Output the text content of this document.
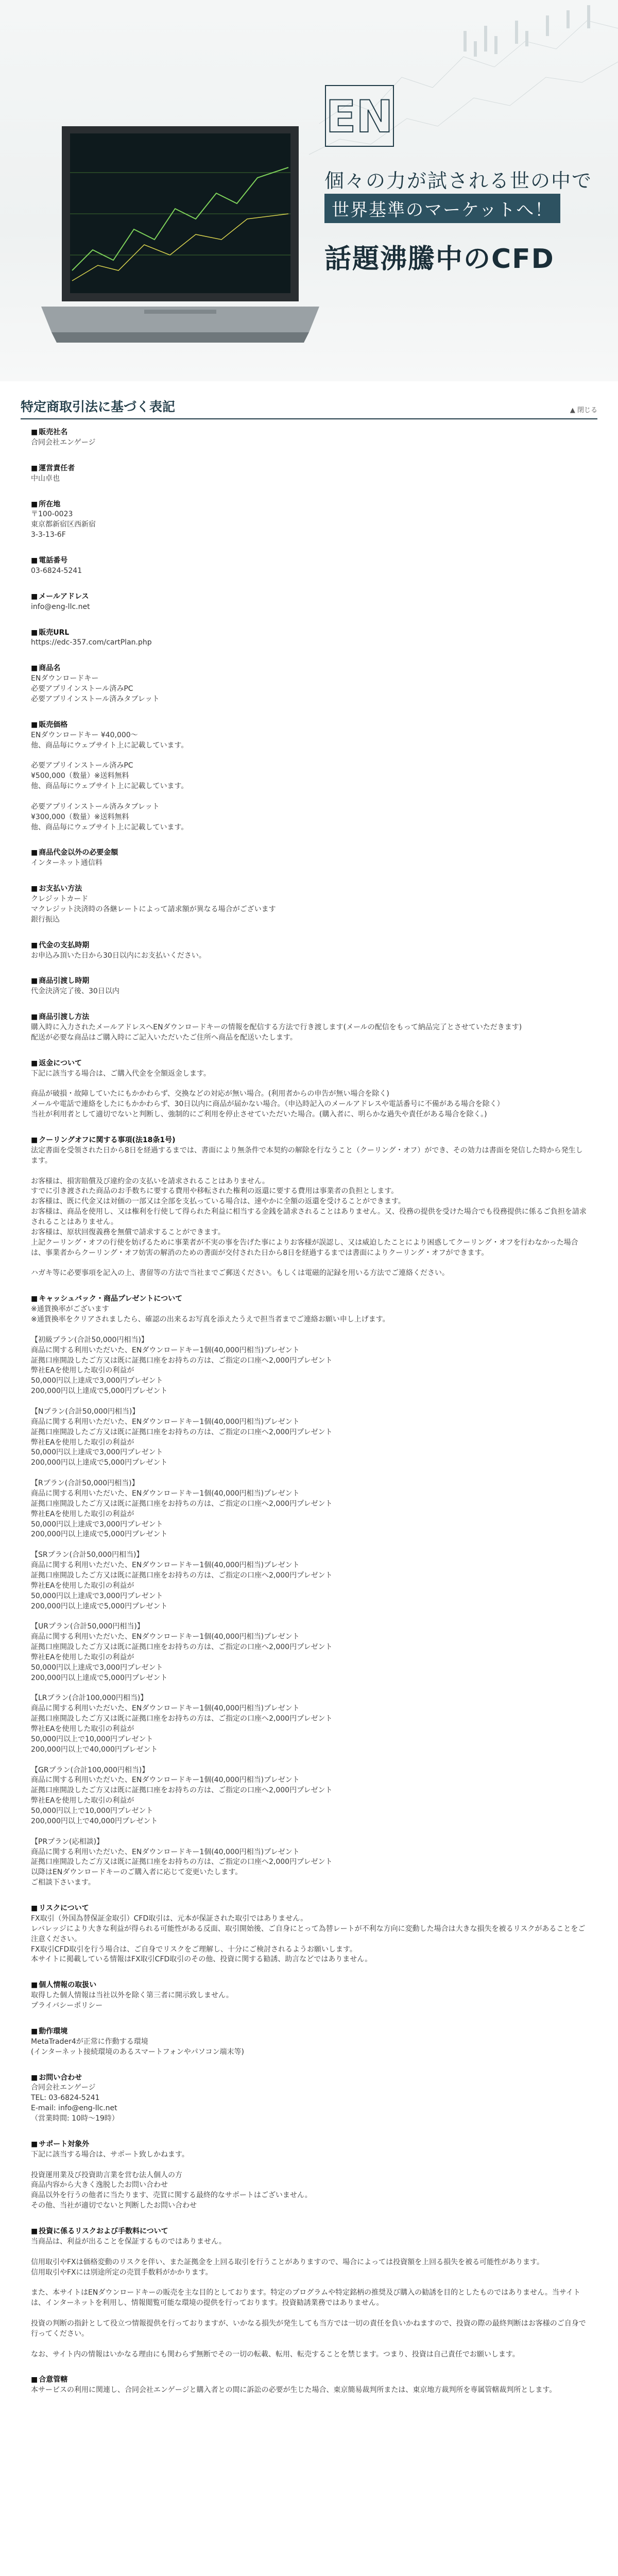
EN
個々の力が試される世の中で
世界基準のマーケットへ！
話題沸騰中のCFD
特定商取引法に基づく表記	▲ 閉じる

■ 販売社名

合同会社エンゲージ

■ 運営責任者

中山卓也

■ 所在地

〒100-0023
東京都新宿区西新宿
3-3-13-6F

■ 電話番号

03-6824-5241

■ メールアドレス

info@eng-llc.net

■ 販売URL

https://edc-357.com/cartPlan.php

■ 商品名

ENダウンロードキー
必要アプリインストール済みPC
必要アプリインストール済みタブレット

■ 販売価格

ENダウンロードキー ¥40,000〜
他、商品毎にウェブサイト上に記載しています。

必要アプリインストール済みPC
¥500,000（数量）※送料無料
他、商品毎にウェブサイト上に記載しています。

必要アプリインストール済みタブレット
¥300,000（数量）※送料無料
他、商品毎にウェブサイト上に記載しています。

■ 商品代金以外の必要金額

インターネット通信料

■ お支払い方法

クレジットカード
マクレジット決済時の各継レートによって請求額が異なる場合がございます
銀行振込

■ 代金の支払時期

お申込み頂いた日から30日以内にお支払いください。

■ 商品引渡し時期

代金決済完了後、30日以内

■ 商品引渡し方法

購入時に入力されたメールアドレスへENダウンロードキーの情報を配信する方法で行き渡します(メールの配信をもって納品完了とさせていただきます)
配送が必要な商品はご購入時にご記入いただいたご住所へ商品を配送いたします。

■ 返金について

下記に該当する場合は、ご購入代金を全額返金します。

商品が破損・故障していたにもかかわらず、交換などの対応が無い場合。(利用者からの申告が無い場合を除く)
メールや電話で連絡をしたにもかかわらず、30日以内に商品が届かない場合。（申込時記入のメールアドレスや電話番号に不備がある場合を除く）
当社が利用者として適切でないと判断し、強制的にご利用を停止させていただいた場合。(購入者に、明らかな過失や責任がある場合を除く。)

■ クーリングオフに関する事項(法18条1号)

法定書面を受領された日から8日を経過するまでは、書面により無条件で本契約の解除を行なうこと（クーリング・オフ）ができ、その効力は書面を発信した時から発生します。

お客様は、損害賠償及び違約金の支払いを請求されることはありません。
すでに引き渡された商品のお手数ちに要する費用や移転された権利の返還に要する費用は事業者の負担とします。
お客様は、既に代金又は対価の一部又は全部を支払っている場合は、速やかに全額の返還を受けることができます。
お客様は、商品を使用し、又は権利を行使して得られた利益に相当する金銭を請求されることはありません。又、役務の提供を受けた場合でも役務提供に係るご負担を請求されることはありません。
お客様は、原状回復義務を無償で請求することができます。
上記クーリング・オフの行使を妨げるために事業者が不実の事を告げた事によりお客様が誤認し、又は威迫したことにより困惑してクーリング・オフを行わなかった場合は、事業者からクーリング・オフ妨害の解消のための書面が交付された日から8日を経過するまでは書面によりクーリング・オフができます。

ハガキ等に必要事項を記入の上、書留等の方法で当社までご郵送ください。もしくは電磁的記録を用いる方法でご連絡ください。

■ キャッシュバック・商品プレゼントについて

※通貨換率がございます
※通貨換率をクリアされましたら、確認の出来るお写真を添えたうえで担当者までご連絡お願い申し上げます。

【初級プラン(合計50,000円相当)】
商品に関する利用いただいた、ENダウンロードキー1個(40,000円相当)プレゼント
証拠口座開設したご方又は既に証拠口座をお持ちの方は、ご指定の口座へ2,000円プレゼント
弊社EAを使用した取引の利益が
50,000円以上達成で3,000円プレゼント
200,000円以上達成で5,000円プレゼント

【Nプラン(合計50,000円相当)】
商品に関する利用いただいた、ENダウンロードキー1個(40,000円相当)プレゼント
証拠口座開設したご方又は既に証拠口座をお持ちの方は、ご指定の口座へ2,000円プレゼント
弊社EAを使用した取引の利益が
50,000円以上達成で3,000円プレゼント
200,000円以上達成で5,000円プレゼント

【Rプラン(合計50,000円相当)】
商品に関する利用いただいた、ENダウンロードキー1個(40,000円相当)プレゼント
証拠口座開設したご方又は既に証拠口座をお持ちの方は、ご指定の口座へ2,000円プレゼント
弊社EAを使用した取引の利益が
50,000円以上達成で3,000円プレゼント
200,000円以上達成で5,000円プレゼント

【SRプラン(合計50,000円相当)】
商品に関する利用いただいた、ENダウンロードキー1個(40,000円相当)プレゼント
証拠口座開設したご方又は既に証拠口座をお持ちの方は、ご指定の口座へ2,000円プレゼント
弊社EAを使用した取引の利益が
50,000円以上達成で3,000円プレゼント
200,000円以上達成で5,000円プレゼント

【URプラン(合計50,000円相当)】
商品に関する利用いただいた、ENダウンロードキー1個(40,000円相当)プレゼント
証拠口座開設したご方又は既に証拠口座をお持ちの方は、ご指定の口座へ2,000円プレゼント
弊社EAを使用した取引の利益が
50,000円以上達成で3,000円プレゼント
200,000円以上達成で5,000円プレゼント

【LRプラン(合計100,000円相当)】
商品に関する利用いただいた、ENダウンロードキー1個(40,000円相当)プレゼント
証拠口座開設したご方又は既に証拠口座をお持ちの方は、ご指定の口座へ2,000円プレゼント
弊社EAを使用した取引の利益が
50,000円以上で10,000円プレゼント
200,000円以上で40,000円プレゼント

【GRプラン(合計100,000円相当)】
商品に関する利用いただいた、ENダウンロードキー1個(40,000円相当)プレゼント
証拠口座開設したご方又は既に証拠口座をお持ちの方は、ご指定の口座へ2,000円プレゼント
弊社EAを使用した取引の利益が
50,000円以上で10,000円プレゼント
200,000円以上で40,000円プレゼント

【PRプラン(応相談)】
商品に関する利用いただいた、ENダウンロードキー1個(40,000円相当)プレゼント
証拠口座開設したご方又は既に証拠口座をお持ちの方は、ご指定の口座へ2,000円プレゼント
以降はENダウンロードキーのご購入者に応じて変更いたします。
ご相談下さいます。

■ リスクについて

FX取引（外国為替保証金取引）CFD取引は、元本が保証された取引ではありません。
レバレッジにより大きな利益が得られる可能性がある反面、取引開始後、ご自身にとって為替レートが不利な方向に変動した場合は大きな損失を被るリスクがあることをご注意ください。
FX取引CFD取引を行う場合は、ご自身でリスクをご理解し、十分にご検討されるようお願いします。
本サイトに掲載している情報はFX取引CFD取引のその他、投資に関する勧誘、助言などではありません。

■ 個人情報の取扱い

取得した個人情報は当社以外を除く第三者に開示致しません。
プライバシーポリシー

■ 動作環境

MetaTrader4が正常に作動する環境
(インターネット接続環境のあるスマートフォンやパソコン端末等)

■ お問い合わせ

合同会社エンゲージ
TEL: 03-6824-5241
E-mail: info@eng-llc.net
（営業時間: 10時〜19時）

■ サポート対象外

下記に該当する場合は、サポート致しかねます。

投資運用業及び投資助言業を営む法人個人の方
商品内容から大きく逸脱したお問い合わせ
商品以外を行うの他者に当たります、売買に関する最終的なサポートはございません。
その他、当社が適切でないと判断したお問い合わせ

■ 投資に係るリスクおよび手数料について

当商品は、利益が出ることを保証するものではありません。

信用取引やFXは価格変動のリスクを伴い、また証拠金を上回る取引を行うことがありますので、場合によっては投資額を上回る損失を被る可能性があります。
信用取引やFXには別途所定の売買手数料がかかります。

また、本サイトはENダウンロードキーの販売を主な目的としております。特定のプログラムや特定銘柄の推奨及び購入の勧誘を目的としたものではありません。当サイトは、インターネットを利用し、情報閲覧可能な環境の提供を行っております。投資勧誘業務ではありません。

投資の判断の指針として役立つ情報提供を行っておりますが、いかなる損失が発生しても当方では一切の責任を負いかねますので、投資の際の最終判断はお客様のご自身で行ってください。

なお、サイト内の情報はいかなる理由にも関わらず無断でその一切の転載、転用、転売することを禁じます。つまり、投資は自己責任でお願いします。

■ 合意管轄

本サービスの利用に関連し、合同会社エンゲージと購入者との間に訴訟の必要が生じた場合、東京簡易裁判所または、東京地方裁判所を専属管轄裁判所とします。
